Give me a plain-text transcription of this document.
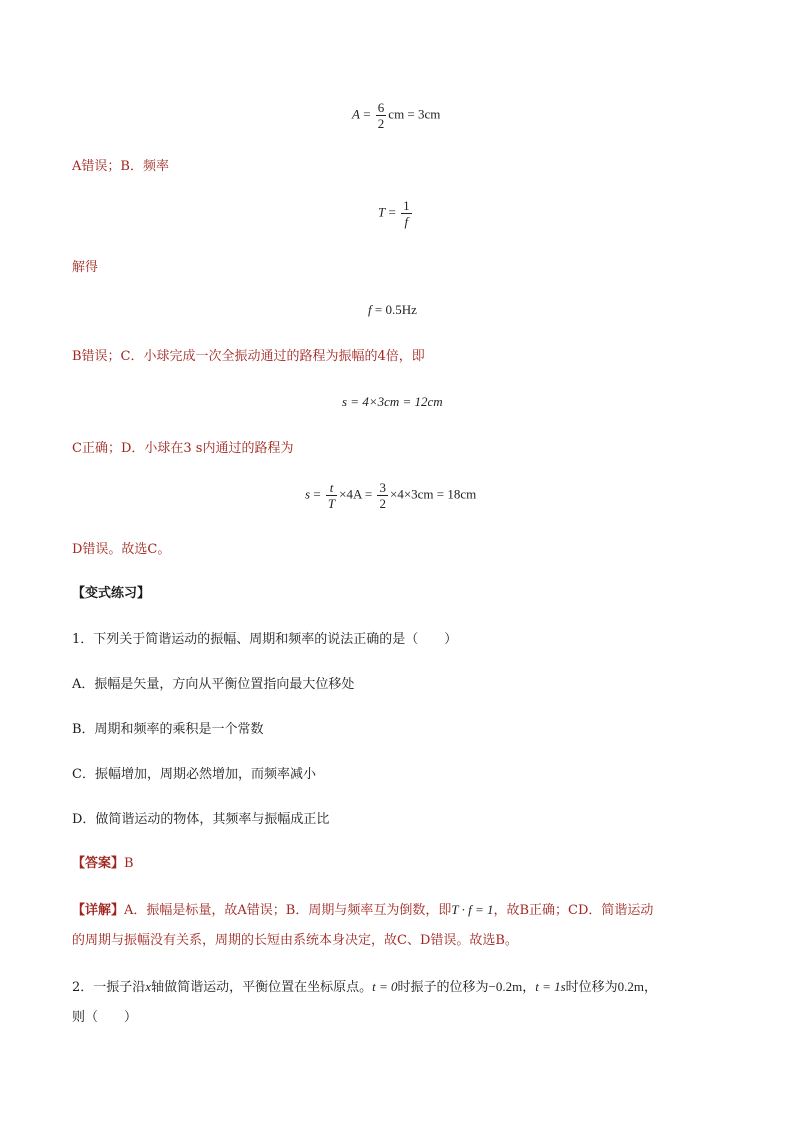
$A = \frac{6}{2}$ cm = 3cm
A错误；B．频率
$T = \frac{1}{f}$
解得
f = 0.5Hz
B错误；C．小球完成一次全振动通过的路程为振幅的4倍，即
s = 4×3cm = 12cm
C正确；D．小球在3 s内通过的路程为
$s = \frac{t}{T} \times 4A = \frac{3}{2} \times 4\times 3cm = 18cm$
D错误。故选C。
【变式练习】
1．下列关于简谐运动的振幅、周期和频率的说法正确的是（　　）
A．振幅是矢量，方向从平衡位置指向最大位移处
B．周期和频率的乘积是一个常数
C．振幅增加，周期必然增加，而频率减小
D．做简谐运动的物体，其频率与振幅成正比
【答案】B
【详解】A．振幅是标量，故A错误；B．周期与频率互为倒数，即T · f = 1，故B正确；CD．简谐运动
的周期与振幅没有关系，周期的长短由系统本身决定，故C、D错误。故选B。
2．一振子沿x轴做简谐运动，平衡位置在坐标原点。t = 0时振子的位移为−0.2m，t = 1s时位移为0.2m，
则（　　）
